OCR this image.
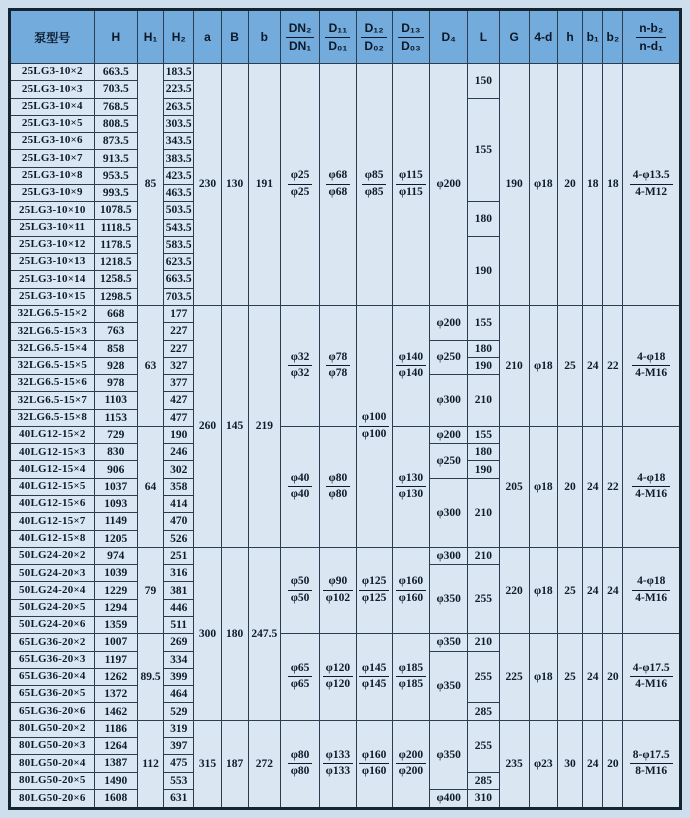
泵型号	H	H₁	H₂	a	B	b	$\frac{\text{DN₂}}{\text{DN₁}}$	$\frac{\text{D₁₁}}{\text{D₀₁}}$	$\frac{\text{D₁₂}}{\text{D₀₂}}$	$\frac{\text{D₁₃}}{\text{D₀₃}}$	D₄	L	G	4-d	h	b₁	b₂	$\frac{\text{n-b₂}}{\text{n-d₁}}$

25LG3-10×2	663.5	85	183.5	230	130	191	$\frac{\varphi 25}{\varphi 25}$	$\frac{\varphi 68}{\varphi 68}$	$\frac{\varphi 85}{\varphi 85}$	$\frac{\varphi 115}{\varphi 115}$	φ200	150	190	φ18	20	18	18	$\frac{4-\varphi 13.5}{4-M12}$

25LG3-10×3	703.5		223.5															
25LG3-10×4	768.5		263.5									155						
25LG3-10×5	808.5		303.5															
25LG3-10×6	873.5		343.5															
25LG3-10×7	913.5		383.5															
25LG3-10×8	953.5		423.5															
25LG3-10×9	993.5		463.5															
25LG3-10×10	1078.5		503.5									180						
25LG3-10×11	1118.5		543.5															
25LG3-10×12	1178.5		583.5									190						
25LG3-10×13	1218.5		623.5															
25LG3-10×14	1258.5		663.5															
25LG3-10×15	1298.5		703.5															
32LG6.5-15×2	668	63	177	260	145	219	$\frac{\varphi 32}{\varphi 32}$	$\frac{\varphi 78}{\varphi 78}$	$\frac{\varphi 100}{\varphi 100}$	$\frac{\varphi 140}{\varphi 140}$	φ200	155	210	φ18	25	24	22	$\frac{4-\varphi 18}{4-M16}$

32LG6.5-15×3	763		227															
32LG6.5-15×4	858		227								φ250	180						
32LG6.5-15×5	928		327									190						
32LG6.5-15×6	978		377								φ300	210						
32LG6.5-15×7	1103		427															
32LG6.5-15×8	1153		477															
40LG12-15×2	729	64	190				$\frac{\varphi 40}{\varphi 40}$	$\frac{\varphi 80}{\varphi 80}$		$\frac{\varphi 130}{\varphi 130}$	φ200	155	205	φ18	20	24	22	$\frac{4-\varphi 18}{4-M16}$

40LG12-15×3	830		246								φ250	180						
40LG12-15×4	906		302									190						
40LG12-15×5	1037		358								φ300	210						
40LG12-15×6	1093		414															
40LG12-15×7	1149		470															
40LG12-15×8	1205		526															
50LG24-20×2	974	79	251	300	180	247.5	$\frac{\varphi 50}{\varphi 50}$	$\frac{\varphi 90}{\varphi 102}$	$\frac{\varphi 125}{\varphi 125}$	$\frac{\varphi 160}{\varphi 160}$	φ300	210	220	φ18	25	24	24	$\frac{4-\varphi 18}{4-M16}$

50LG24-20×3	1039		316								φ350	255						
50LG24-20×4	1229		381															
50LG24-20×5	1294		446															
50LG24-20×6	1359		511															
65LG36-20×2	1007	89.5	269				$\frac{\varphi 65}{\varphi 65}$	$\frac{\varphi 120}{\varphi 120}$	$\frac{\varphi 145}{\varphi 145}$	$\frac{\varphi 185}{\varphi 185}$	φ350	210	225	φ18	25	24	20	$\frac{4-\varphi 17.5}{4-M16}$

65LG36-20×3	1197		334								φ350	255						
65LG36-20×4	1262		399															
65LG36-20×5	1372		464															
65LG36-20×6	1462		529									285						
80LG50-20×2	1186	112	319	315	187	272	$\frac{\varphi 80}{\varphi 80}$	$\frac{\varphi 133}{\varphi 133}$	$\frac{\varphi 160}{\varphi 160}$	$\frac{\varphi 200}{\varphi 200}$	φ350	255	235	φ23	30	24	20	$\frac{8-\varphi 17.5}{8-M16}$

80LG50-20×3	1264		397															
80LG50-20×4	1387		475															
80LG50-20×5	1490		553									285						
80LG50-20×6	1608		631								φ400	310						
